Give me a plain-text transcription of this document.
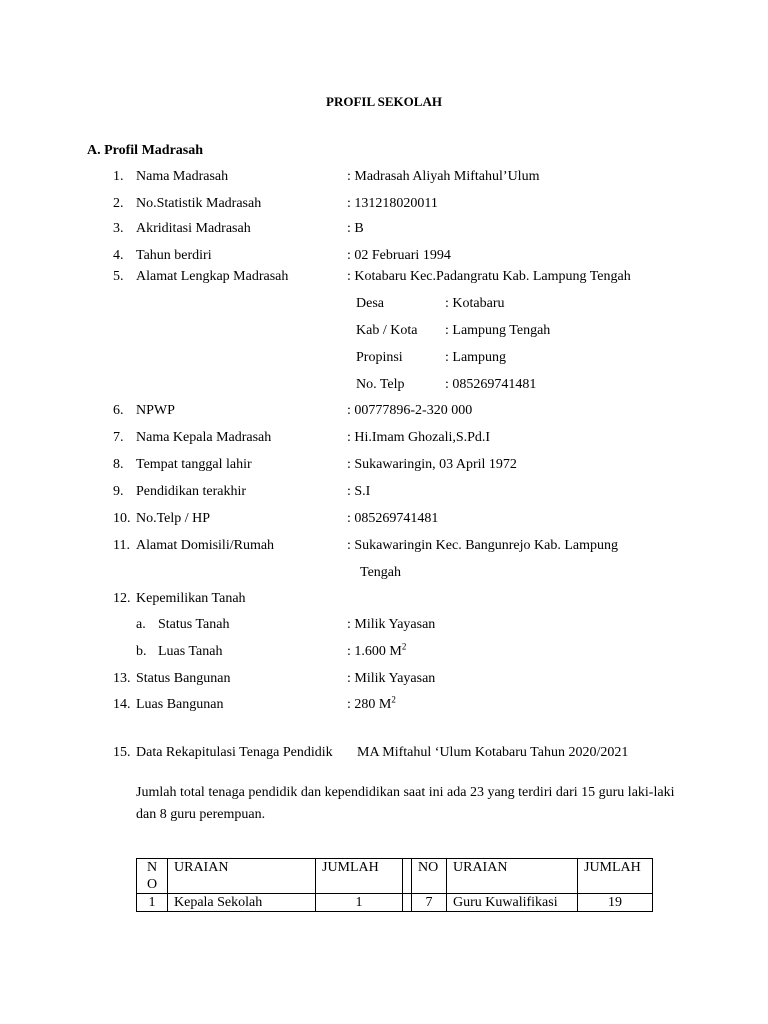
PROFIL SEKOLAH
A. Profil Madrasah
1. Nama Madrasah	: Madrasah Aliyah Miftahul’Ulum
2. No.Statistik Madrasah	: 131218020011
3. Akriditasi Madrasah	: B
4. Tahun berdiri	: 02 Februari 1994
5. Alamat Lengkap Madrasah	: Kotabaru Kec.Padangratu Kab. Lampung Tengah
Desa	: Kotabaru
Kab / Kota : Lampung Tengah
Propinsi	: Lampung
No. Telp	: 085269741481
6. NPWP	: 00777896-2-320 000
7. Nama Kepala Madrasah	: Hi.Imam Ghozali,S.Pd.I
8. Tempat tanggal lahir	: Sukawaringin, 03 April 1972
9. Pendidikan terakhir	: S.I
10. No.Telp / HP	: 085269741481
11. Alamat Domisili/Rumah	: Sukawaringin Kec. Bangunrejo Kab. Lampung
Tengah
12. Kepemilikan Tanah
a. Status Tanah	: Milik Yayasan
b. Luas Tanah	: 1.600 $M^2$
13. Status Bangunan	: Milik Yayasan
14. Luas Bangunan	: 280 $M^2$
15. Data Rekapitulasi Tenaga Pendidik MA Miftahul ‘Ulum Kotabaru Tahun 2020/2021
Jumlah total tenaga pendidik dan kependidikan saat ini ada 23 yang terdiri dari 15 guru laki-laki dan 8 guru perempuan.
N O	URAIAN	JUMLAH		NO	URAIAN	JUMLAH
1	Kepala Sekolah	1		7	Guru Kuwalifikasi	19
